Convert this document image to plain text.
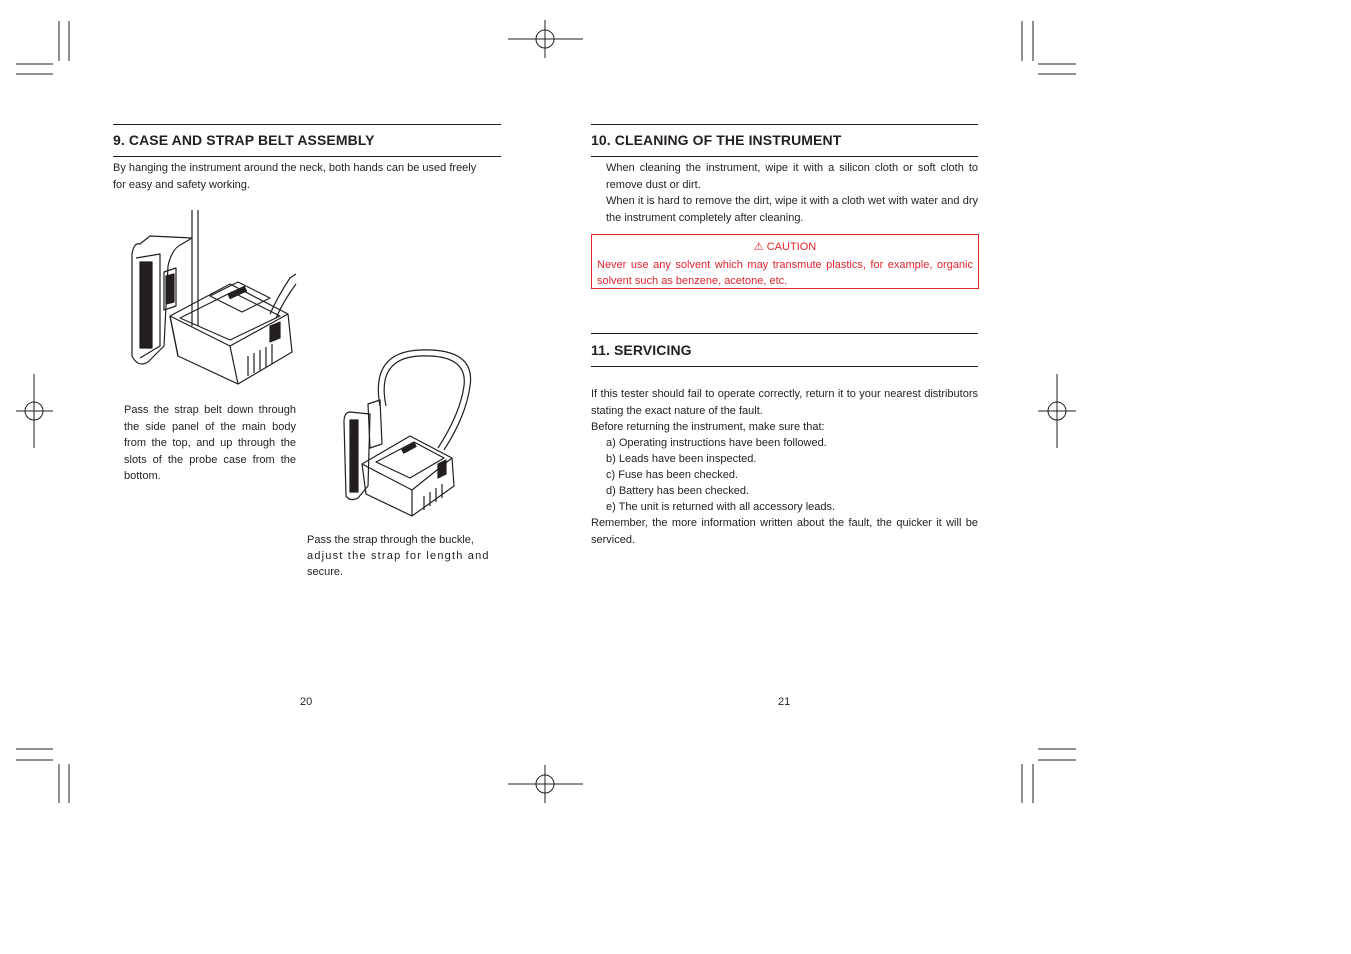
9. CASE AND STRAP BELT ASSEMBLY
By hanging the instrument around the neck, both hands can be used freely
for easy and safety working.
Pass the strap belt down through the side panel of the main body from the top, and up through the slots of the probe case from the bottom.
Pass the strap through the buckle,
adjust the strap for length and
secure.
20
10. CLEANING OF THE INSTRUMENT
When cleaning the instrument, wipe it with a silicon cloth or soft cloth to remove dust or dirt.
When it is hard to remove the dirt, wipe it with a cloth wet with water and dry the instrument completely after cleaning.
⚠ CAUTION
Never use any solvent which may transmute plastics, for example, organic solvent such as benzene, acetone, etc.
11. SERVICING
If this tester should fail to operate correctly, return it to your nearest distributors stating the exact nature of the fault.
Before returning the instrument, make sure that:
a) Operating instructions have been followed.
b) Leads have been inspected.
c) Fuse has been checked.
d) Battery has been checked.
e) The unit is returned with all accessory leads.
Remember, the more information written about the fault, the quicker it will be serviced.
21
